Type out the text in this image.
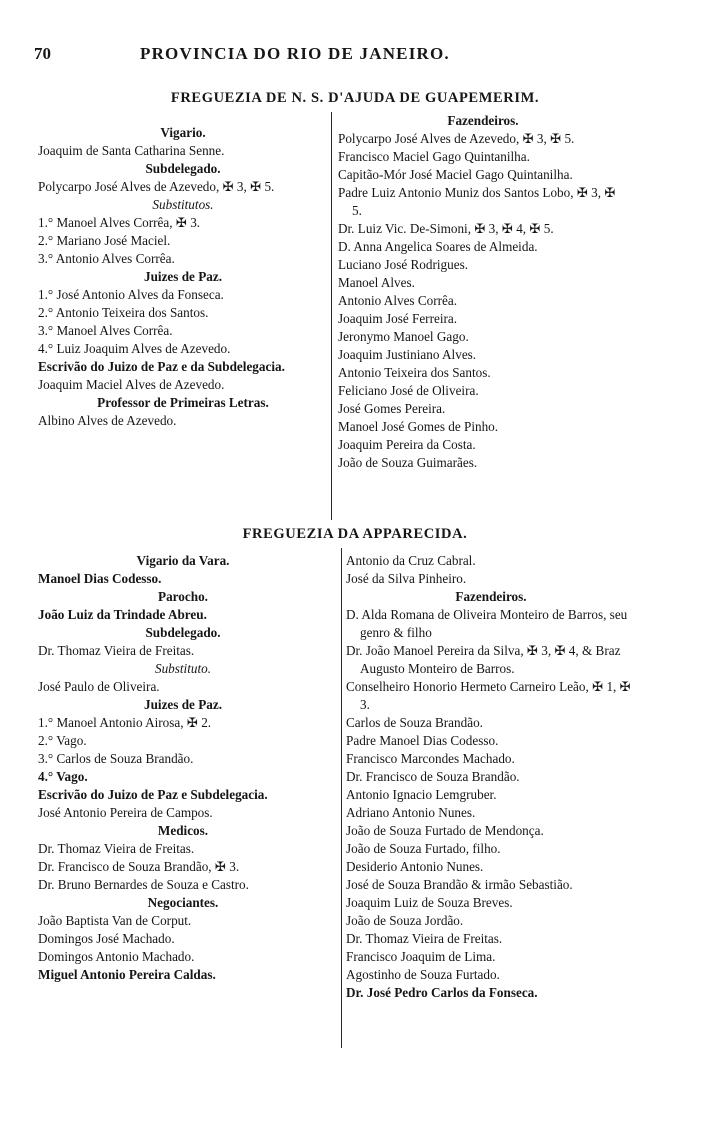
70	PROVINCIA DO RIO DE JANEIRO.
FREGUEZIA DE N. S. D'AJUDA DE GUAPEMERIM.
Vigario.
Joaquim de Santa Catharina Senne.
Subdelegado.
Polycarpo José Alves de Azevedo, ✠ 3, ✠ 5.
Substitutos.
1.° Manoel Alves Corrêa, ✠ 3.
2.° Mariano José Maciel.
3.° Antonio Alves Corrêa.
Juizes de Paz.
1.° José Antonio Alves da Fonseca.
2.° Antonio Teixeira dos Santos.
3.° Manoel Alves Corrêa.
4.° Luiz Joaquim Alves de Azevedo.
Escrivão do Juizo de Paz e da Subdelegacia.
Joaquim Maciel Alves de Azevedo.
Professor de Primeiras Letras.
Albino Alves de Azevedo.
Fazendeiros.
Polycarpo José Alves de Azevedo, ✠ 3, ✠ 5.
Francisco Maciel Gago Quintanilha.
Capitão-Mór José Maciel Gago Quintanilha.
Padre Luiz Antonio Muniz dos Santos Lobo, ✠ 3, ✠ 5.
Dr. Luiz Vic. De-Simoni, ✠ 3, ✠ 4, ✠ 5.
D. Anna Angelica Soares de Almeida.
Luciano José Rodrigues.
Manoel Alves.
Antonio Alves Corrêa.
Joaquim José Ferreira.
Jeronymo Manoel Gago.
Joaquim Justiniano Alves.
Antonio Teixeira dos Santos.
Feliciano José de Oliveira.
José Gomes Pereira.
Manoel José Gomes de Pinho.
Joaquim Pereira da Costa.
João de Souza Guimarães.
FREGUEZIA DA APPARECIDA.
Vigario da Vara.
Manoel Dias Codesso.
Parocho.
João Luiz da Trindade Abreu.
Subdelegado.
Dr. Thomaz Vieira de Freitas.
Substituto.
José Paulo de Oliveira.
Juizes de Paz.
1.° Manoel Antonio Airosa, ✠ 2.
2.° Vago.
3.° Carlos de Souza Brandão.
4.° Vago.
Escrivão do Juizo de Paz e Subdelegacia.
José Antonio Pereira de Campos.
Medicos.
Dr. Thomaz Vieira de Freitas.
Dr. Francisco de Souza Brandão, ✠ 3.
Dr. Bruno Bernardes de Souza e Castro.
Negociantes.
João Baptista Van de Corput.
Domingos José Machado.
Domingos Antonio Machado.
Miguel Antonio Pereira Caldas.
Antonio da Cruz Cabral.
José da Silva Pinheiro.
Fazendeiros.
D. Alda Romana de Oliveira Monteiro de Barros, seu genro & filho
Dr. João Manoel Pereira da Silva, ✠ 3, ✠ 4, & Braz Augusto Monteiro de Barros.
Conselheiro Honorio Hermeto Carneiro Leão, ✠ 1, ✠ 3.
Carlos de Souza Brandão.
Padre Manoel Dias Codesso.
Francisco Marcondes Machado.
Dr. Francisco de Souza Brandão.
Antonio Ignacio Lemgruber.
Adriano Antonio Nunes.
João de Souza Furtado de Mendonça.
João de Souza Furtado, filho.
Desiderio Antonio Nunes.
José de Souza Brandão & irmão Sebastião.
Joaquim Luiz de Souza Breves.
João de Souza Jordão.
Dr. Thomaz Vieira de Freitas.
Francisco Joaquim de Lima.
Agostinho de Souza Furtado.
Dr. José Pedro Carlos da Fonseca.
